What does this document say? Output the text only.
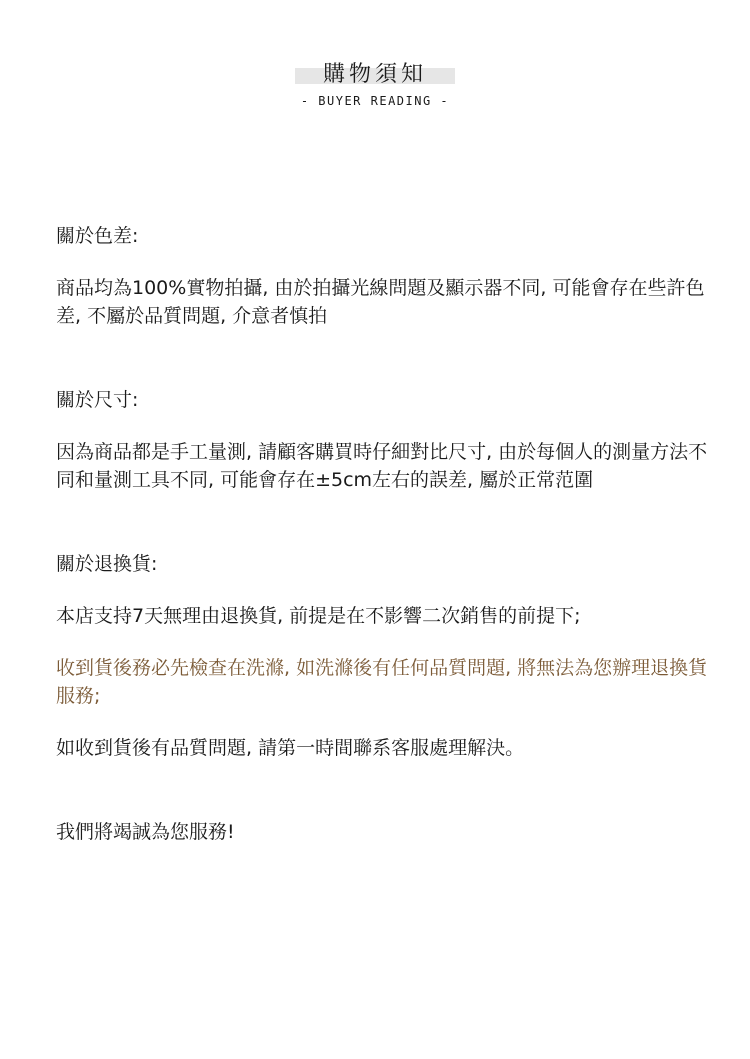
購物須知
- BUYER READING -
關於色差:

商品均為100%實物拍攝, 由於拍攝光線問題及顯示器不同, 可能會存在些許色差, 不屬於品質問題, 介意者慎拍

關於尺寸:

因為商品都是手工量測, 請顧客購買時仔細對比尺寸, 由於每個人的測量方法不同和量測工具不同, 可能會存在±5cm左右的誤差, 屬於正常范圍

關於退換貨:

本店支持7天無理由退換貨, 前提是在不影響二次銷售的前提下;

收到貨後務必先檢查在洗滌, 如洗滌後有任何品質問題, 將無法為您辦理退換貨服務;

如收到貨後有品質問題, 請第一時間聯系客服處理解決。

我們將竭誠為您服務!
